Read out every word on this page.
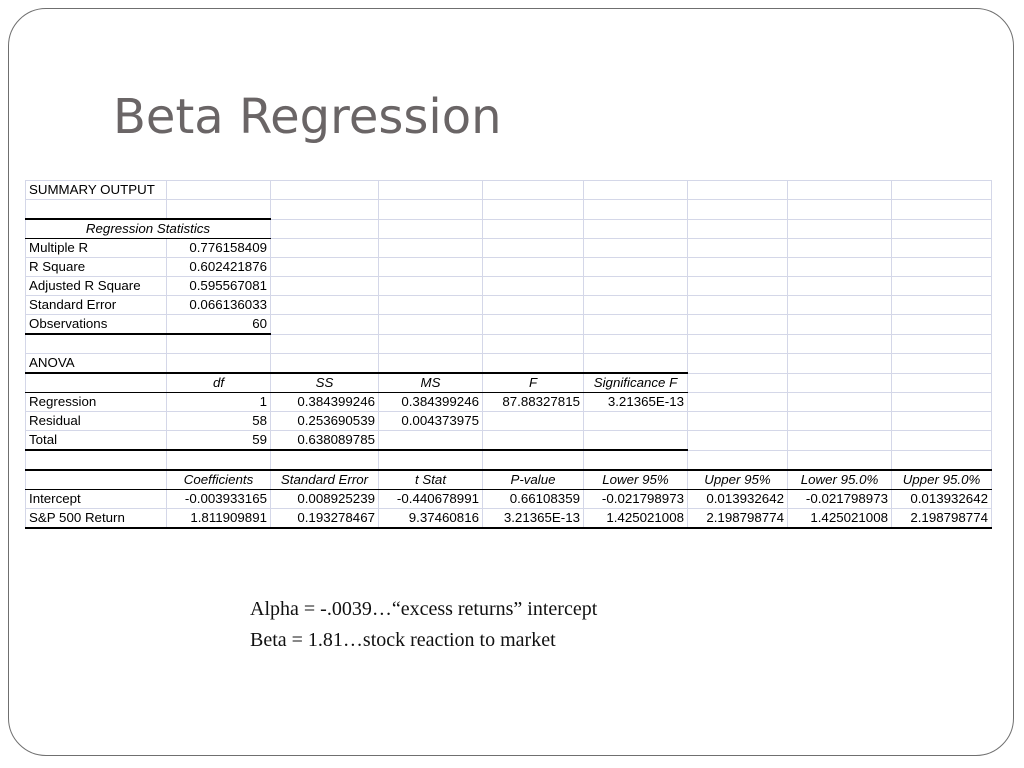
Beta Regression
SUMMARY OUTPUT								

Regression Statistics								
Multiple R	0.776158409							
R Square	0.602421876							
Adjusted R Square	0.595567081							
Standard Error	0.066136033							
Observations	60							

ANOVA								
	df	SS	MS	F	Significance F			
Regression	1	0.384399246	0.384399246	87.88327815	3.21365E-13			
Residual	58	0.253690539	0.004373975					
Total	59	0.638089785						

	Coefficients	Standard Error	t Stat	P-value	Lower 95%	Upper 95%	Lower 95.0%	Upper 95.0%
Intercept	-0.003933165	0.008925239	-0.440678991	0.66108359	-0.021798973	0.013932642	-0.021798973	0.013932642
S&P 500 Return	1.811909891	0.193278467	9.37460816	3.21365E-13	1.425021008	2.198798774	1.425021008	2.198798774
Alpha = -.0039…“excess returns” intercept
Beta = 1.81…stock reaction to market
